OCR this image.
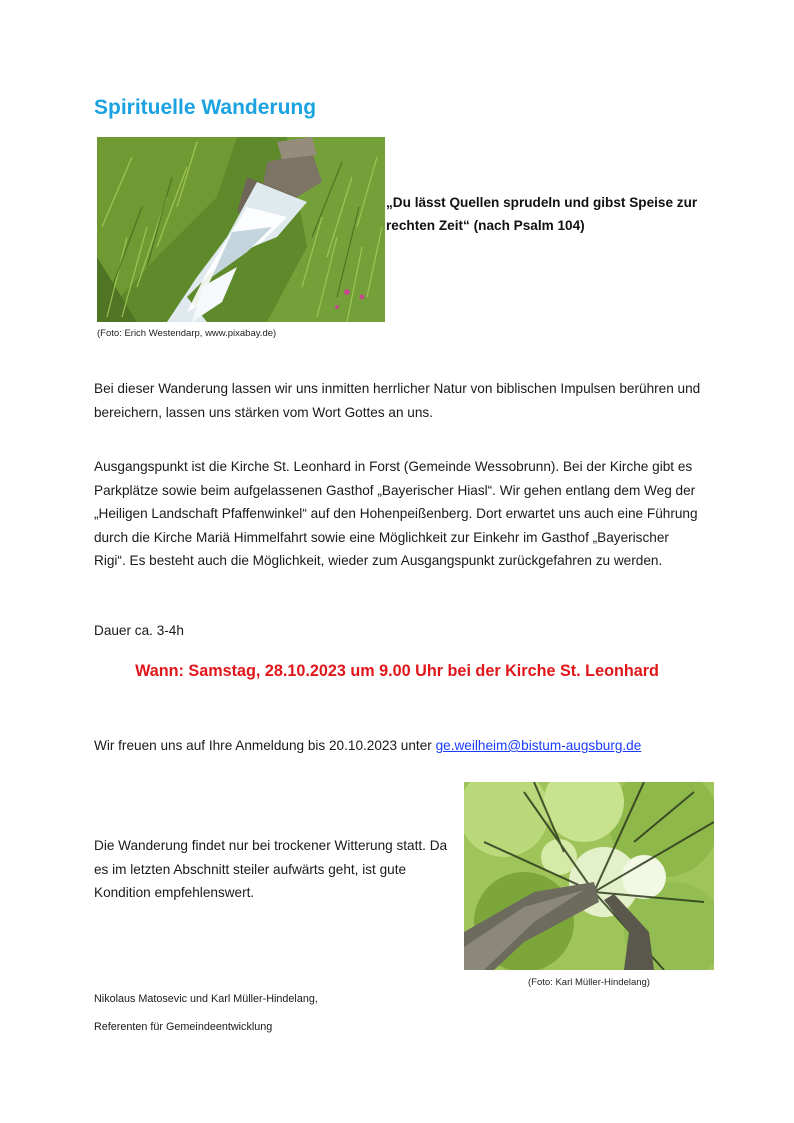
Spirituelle Wanderung
„Du lässt Quellen sprudeln und gibst Speise zur rechten Zeit“ (nach Psalm 104)
(Foto: Erich Westendarp, www.pixabay.de)
Bei dieser Wanderung lassen wir uns inmitten herrlicher Natur von biblischen Impulsen berühren und bereichern, lassen uns stärken vom Wort Gottes an uns.
Ausgangspunkt ist die Kirche St. Leonhard in Forst (Gemeinde Wessobrunn). Bei der Kirche gibt es Parkplätze sowie beim aufgelassenen Gasthof „Bayerischer Hiasl“. Wir gehen entlang dem Weg der „Heiligen Landschaft Pfaffenwinkel“ auf den Hohenpeißenberg. Dort erwartet uns auch eine Führung durch die Kirche Mariä Himmelfahrt sowie eine Möglichkeit zur Einkehr im Gasthof „Bayerischer Rigi“. Es besteht auch die Möglichkeit, wieder zum Ausgangspunkt zurückgefahren zu werden.
Dauer ca. 3-4h
Wann: Samstag, 28.10.2023 um 9.00 Uhr bei der Kirche St. Leonhard
Wir freuen uns auf Ihre Anmeldung bis 20.10.2023 unter ge.weilheim@bistum-augsburg.de
Die Wanderung findet nur bei trockener Witterung statt. Da es im letzten Abschnitt steiler aufwärts geht, ist gute Kondition empfehlenswert.
(Foto: Karl Müller-Hindelang)
Nikolaus Matosevic und Karl Müller-Hindelang,
Referenten für Gemeindeentwicklung
